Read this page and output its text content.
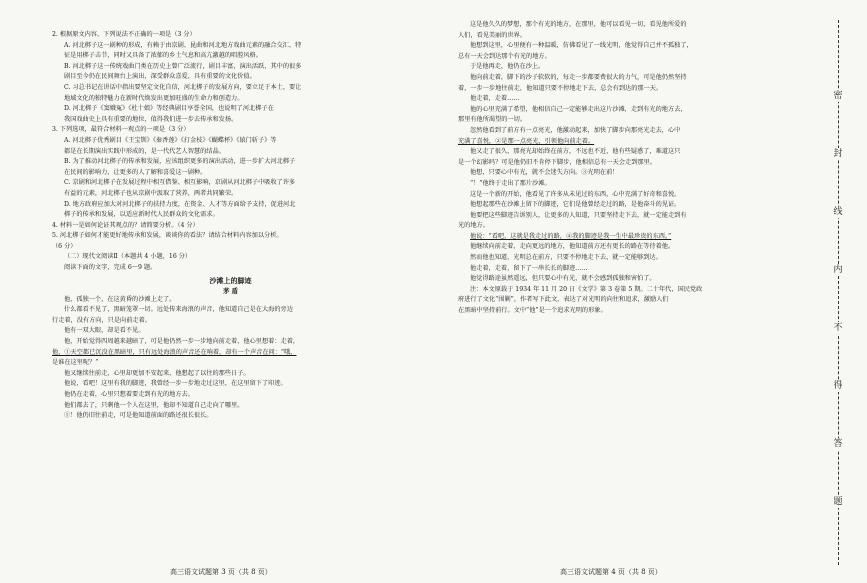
2. 根据原文内容，下列说法不正确的一项是（3 分）
A. 河北梆子这一剧种的形成，有赖于由京剧、昆曲和河北地方戏曲元素的融合交汇，特
征是用梆子击节，同时又具备了浓郁的乡土气息和高亢激越的唱腔风格。
B. 河北梆子这一传统戏曲门类在历史上曾广泛流行，剧目丰富，演出活跃，其中的很多
剧目至今仍在民间舞台上演出，深受群众喜爱，具有重要的文化价值。
C. 习总书记在讲话中指出要坚定文化自信，河北梆子的发展方向，要立足于本土，要让
地域文化的独特魅力在新时代焕发出更加旺盛的生命力和创造力。
D. 河北梆子《窦娥冤》《杜十娘》等经典剧目享誉全国，也说明了河北梆子在
我国戏曲史上具有重要的地位，值得我们进一步去传承和发扬。
3. 下列选项，最符合材料一观点的一项是（3 分）
A. 河北梆子优秀剧目《王宝钏》《秦香莲》《打金枝》《蝴蝶杯》《辕门斩子》等
都是在长期演出实践中形成的，是一代代艺人智慧的结晶。
B. 为了推动河北梆子的传承和发展，应该组织更多的演出活动，进一步扩大河北梆子
在民间的影响力，让更多的人了解和喜爱这一剧种。
C. 京剧和河北梆子在发展过程中相互借鉴、相互影响，京剧从河北梆子中吸收了许多
有益的元素，河北梆子也从京剧中汲取了营养，两者共同繁荣。
D. 地方政府应加大对河北梆子的扶持力度，在资金、人才等方面给予支持，促进河北
梆子的传承和发展，以适应新时代人民群众的文化需求。
4. 材料一是如何论证其观点的？请简要分析。（4 分）
5. 河北梆子如何才能更好地传承和发展，谈谈你的看法？请结合材料内容加以分析。
（6 分）
（二）现代文阅读Ⅱ（本题共 4 小题，16 分）
阅读下面的文字，完成 6～9 题。
沙滩上的脚迹
茅 盾
他，孤独一个，在这黄昏的沙滩上走了。
什么都看不见了，黑暗笼罩一切。远处传来海浪的声音，他知道自己是在大海的旁边
行走着，没有方向，只是向前走着。
他有一双大眼，却是看不见。
他，开始觉得四周越来越暗了，可是他仍然一步一步地向前走着，他心里想着：走着，
他，①天空都已沉没在黑暗里，只有远处海浪的声音还在响着，却有一个声音在问：“哦，
是谁在这里呢？”
他又继续往前走，心里却更加不安起来，他想起了以往的那些日子。
他说，看吧！这里有我的脚迹，我曾经一步一步地走过这里，在这里留下了印迹。
他仍在走着，心里只想着要走到有光的地方去。
他们都去了，只剩他一个人在这里，他却不知道自己走向了哪里。
①！他仍旧往前走，可是他知道前面的路还很长很长。
高三语文试题第 3 页（共 8 页）
这是他久久的梦想，那个有光的地方，在那里，他可以看见一切，看见他所爱的
人们，看见美丽的世界。
他想到这里，心里便有一种温暖，仿佛看见了一线光明，他觉得自己并不孤独了，
总有一天会到达那个有光的地方。
于是他再走，他仍在沙上。
他向前走着，脚下的沙子软软的，每走一步都要费很大的力气，可是他仍然坚持
着，一步一步地往前走，他知道只要不停地走下去，总会有到达的那一天。
他走着，走着……
他的心里充满了希望，他相信自己一定能够走出这片沙滩，走到有光的地方去，
那里有他所渴望的一切。
忽然他看到了前方有一点亮光，他激动起来，加快了脚步向那亮光走去，心中
充满了喜悦，②是那一点亮光，引领他向前走着。
他又走了很久，那亮光却始终在前方，不远也不近，他有些疑惑了，难道这只
是一个幻影吗？可是他仍旧不肯停下脚步，他相信总有一天会走到那里。
他想，只要心中有光，就不会迷失方向。③光明在前！
“！”他终于走出了那片沙滩。
这是一个新的开始，他看见了许多从未见过的东西，心中充满了好奇和喜悦。
他想起那些在沙滩上留下的脚迹，它们是他曾经走过的路，是他奋斗的见证。
他要把这些脚迹告诉别人，让更多的人知道，只要坚持走下去，就一定能走到有
光的地方。
他说：“看吧，这就是我走过的路，④我的脚迹是我一生中最珍贵的东西。”
他继续向前走着，走向更远的地方，他知道前方还有更长的路在等待着他。
然而他也知道，光明总在前方，只要不停地走下去，就一定能够到达。
他走着，走着，留下了一串长长的脚迹……
他觉得路途虽然遥远，但只要心中有光，就不会感到孤独和害怕了。
注：本文原载于 1934 年 11 月 20 日《文学》第 3 卷第 5 期。二十年代，国民党政
府进行了文化“围剿”，作者写下此文，表达了对光明的向往和追求，激励人们
在黑暗中坚持前行。文中“他”是一个追求光明的形象。
高三语文试题第 4 页（共 8 页）
密
封
线
内
不
得
答
题
